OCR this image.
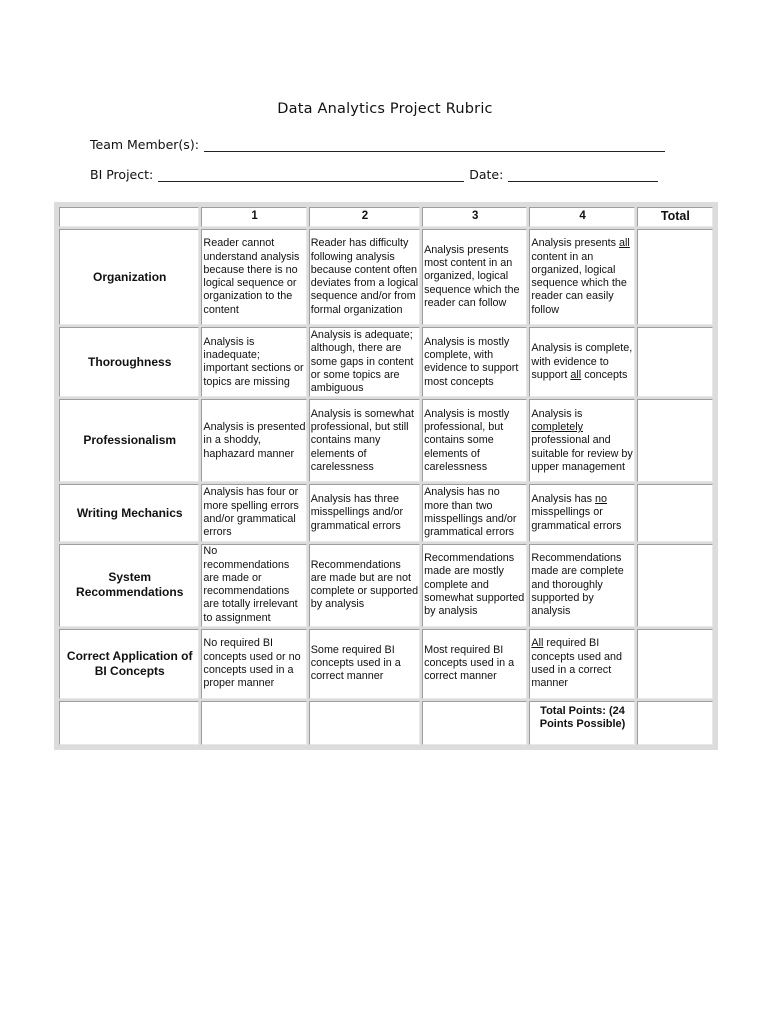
Data Analytics Project Rubric
Team Member(s):
BI Project:	Date:
	1	2	3	4	Total
Organization	Reader cannot understand analysis because there is no logical sequence or organization to the content	Reader has difficulty following analysis because content often deviates from a logical sequence and/or from formal organization	Analysis presents most content in an organized, logical sequence which the reader can follow	Analysis presents all content in an organized, logical sequence which the reader can easily follow	
Thoroughness	Analysis is inadequate; important sections or topics are missing	Analysis is adequate; although, there are some gaps in content or some topics are ambiguous	Analysis is mostly complete, with evidence to support most concepts	Analysis is complete, with evidence to support all concepts	
Professionalism	Analysis is presented in a shoddy, haphazard manner	Analysis is somewhat professional, but still contains many elements of carelessness	Analysis is mostly professional, but contains some elements of carelessness	Analysis is completely professional and suitable for review by upper management	
Writing Mechanics	Analysis has four or more spelling errors and/or grammatical errors	Analysis has three misspellings and/or grammatical errors	Analysis has no more than two misspellings and/or grammatical errors	Analysis has no misspellings or grammatical errors	
System Recommendations	No recommendations are made or recommendations are totally irrelevant to assignment	Recommendations are made but are not complete or supported by analysis	Recommendations made are mostly complete and somewhat supported by analysis	Recommendations made are complete and thoroughly supported by analysis	
Correct Application of BI Concepts	No required BI concepts used or no concepts used in a proper manner	Some required BI concepts used in a correct manner	Most required BI concepts used in a correct manner	All required BI concepts used and used in a correct manner	
				Total Points: (24 Points Possible)	
